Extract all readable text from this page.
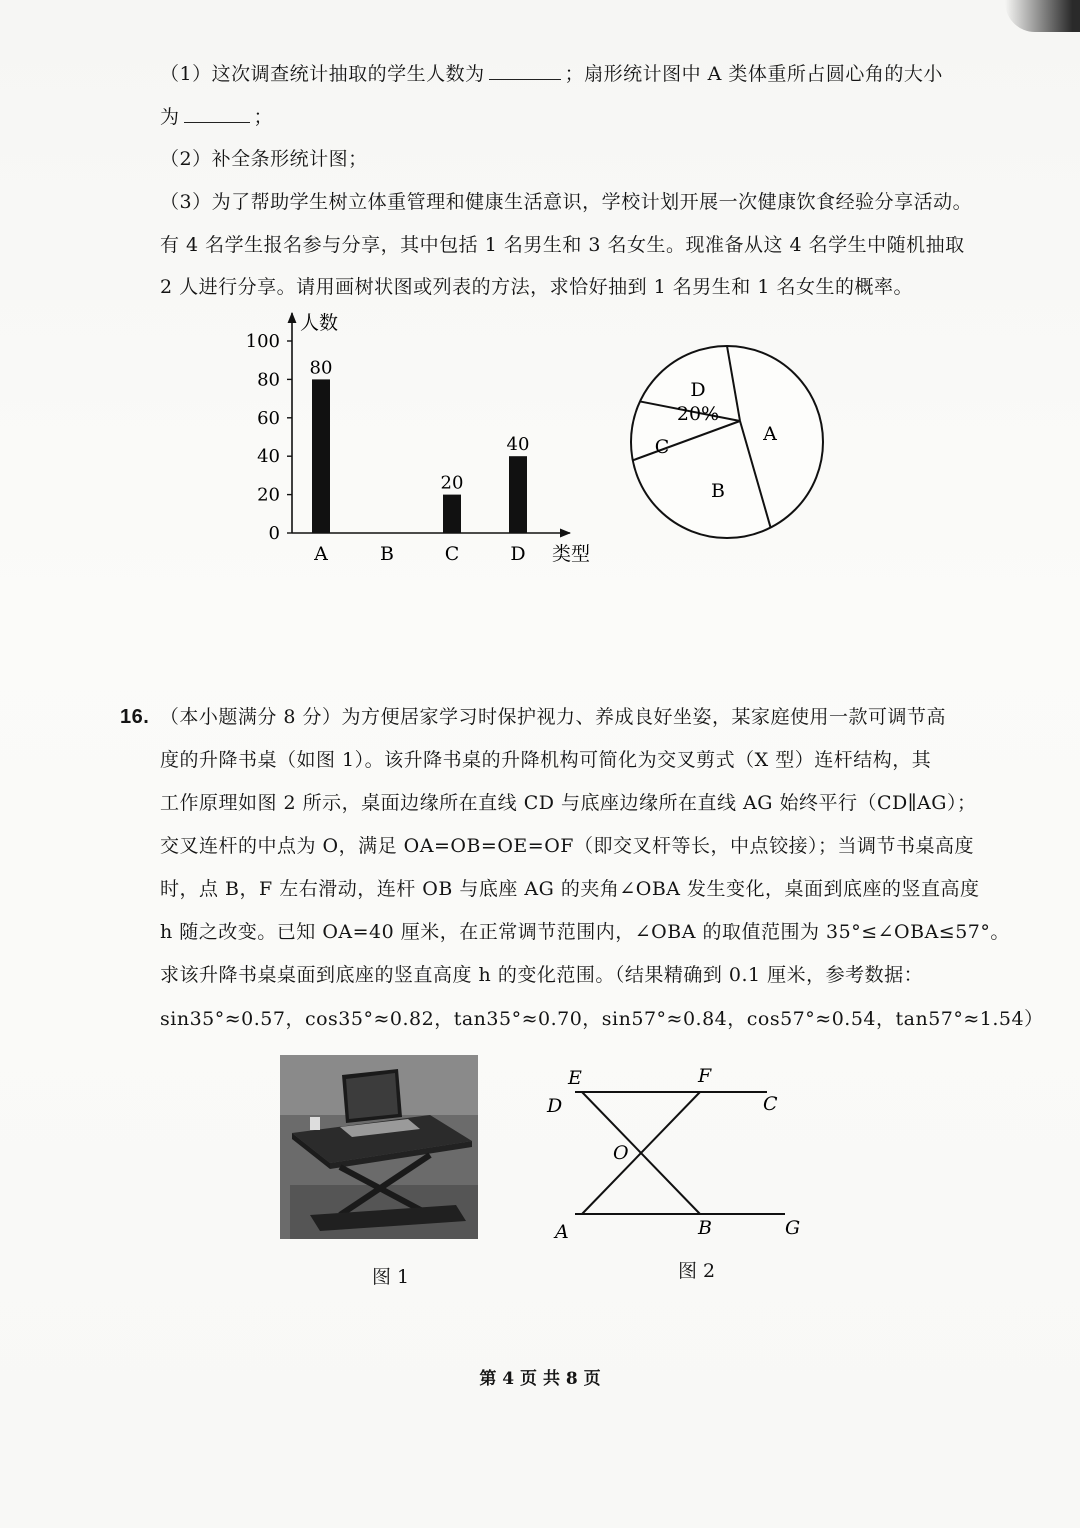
（1）这次调查统计抽取的学生人数为	；扇形统计图中 A 类体重所占圆心角的大小
为	；
（2）补全条形统计图；
（3）为了帮助学生树立体重管理和健康生活意识，学校计划开展一次健康饮食经验分享活动。
有 4 名学生报名参与分享，其中包括 1 名男生和 3 名女生。现准备从这 4 名学生中随机抽取
2 人进行分享。请用画树状图或列表的方法，求恰好抽到 1 名男生和 1 名女生的概率。
人数
类型
0
20
40
60
80
100
A
80
B	C
20
D
40	A
B
C
D
20%
16. （本小题满分 8 分）为方便居家学习时保护视力、养成良好坐姿，某家庭使用一款可调节高
度的升降书桌（如图 1）。该升降书桌的升降机构可简化为交叉剪式（X 型）连杆结构，其
工作原理如图 2 所示，桌面边缘所在直线 CD 与底座边缘所在直线 AG 始终平行（CD∥AG）；
交叉连杆的中点为 O，满足 OA=OB=OE=OF（即交叉杆等长，中点铰接）；当调节书桌高度
时，点 B，F 左右滑动，连杆 OB 与底座 AG 的夹角∠OBA 发生变化，桌面到底座的竖直高度
h 随之改变。已知 OA=40 厘米，在正常调节范围内，∠OBA 的取值范围为 35°≤∠OBA≤57°。
求该升降书桌桌面到底座的竖直高度 h 的变化范围。（结果精确到 0.1 厘米，参考数据：
sin35°≈0.57，cos35°≈0.82，tan35°≈0.70，sin57°≈0.84，cos57°≈0.54，tan57°≈1.54）
图 1
E	F
D	C
O
A	B	G
图 2
第 4 页 共 8 页
